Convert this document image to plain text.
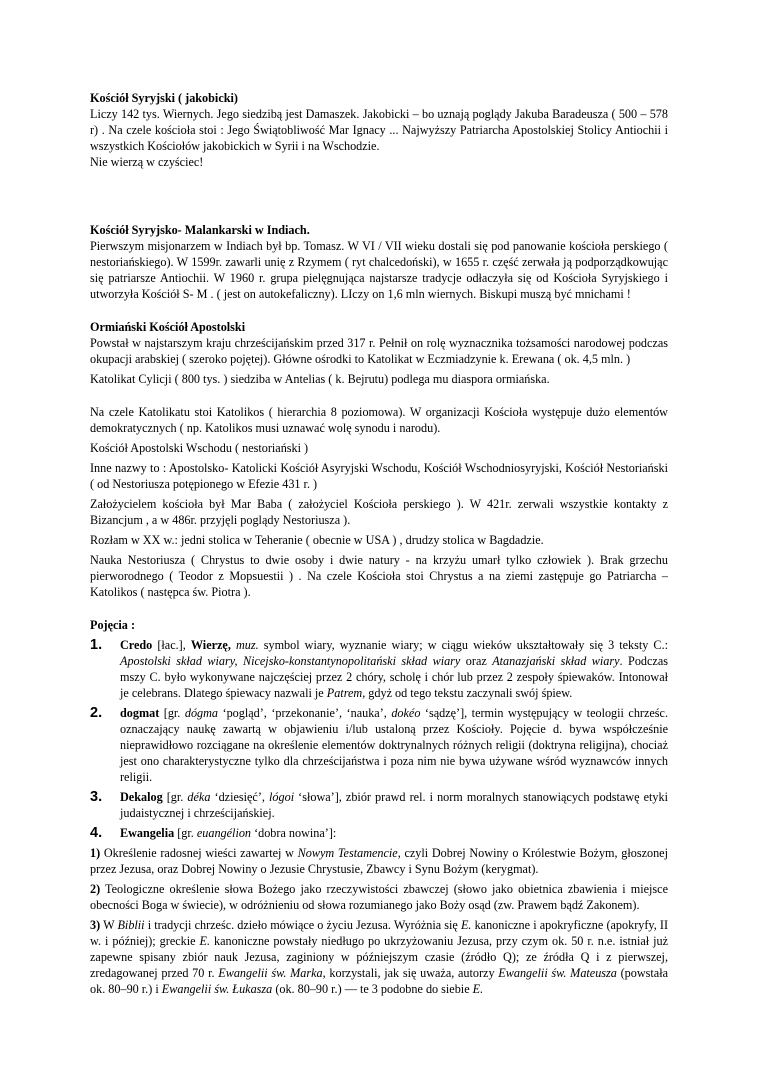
Kościół Syryjski ( jakobicki)

Liczy 142 tys. Wiernych. Jego siedzibą jest Damaszek. Jakobicki – bo uznają poglądy Jakuba Baradeusza ( 500 – 578 r) . Na czele kościoła stoi : Jego Świątobliwość Mar Ignacy ... Najwyższy Patriarcha Apostolskiej Stolicy Antiochii i wszystkich Kościołów jakobickich w Syrii i na Wschodzie.

Nie wierzą w czyściec!

Kościół Syryjsko- Malankarski w Indiach.

Pierwszym misjonarzem w Indiach był bp. Tomasz. W VI / VII wieku dostali się pod panowanie kościoła perskiego ( nestoriańskiego). W 1599r. zawarli unię z Rzymem ( ryt chalcedoński), w 1655 r. część zerwała ją podporządkowując się patriarsze Antiochii. W 1960 r. grupa pielęgnująca najstarsze tradycje odłaczyła się od Kościoła Syryjskiego i utworzyła Kościół S- M . ( jest on autokefaliczny). LIczy on 1,6 mln wiernych. Biskupi muszą być mnichami !

Ormiański Kościół Apostolski

Powstał w najstarszym kraju chrześcijańskim przed 317 r. Pełnił on rolę wyznacznika tożsamości narodowej podczas okupacji arabskiej ( szeroko pojętej). Główne ośrodki to Katolikat w Eczmiadzynie k. Erewana ( ok. 4,5 mln. )

Katolikat Cylicji ( 800 tys. ) siedziba w Antelias ( k. Bejrutu) podlega mu diaspora ormiańska.

Na czele Katolikatu stoi Katolikos ( hierarchia 8 poziomowa). W organizacji Kościoła występuje dużo elementów demokratycznych ( np. Katolikos musi uznawać wolę synodu i narodu).

Kościół Apostolski Wschodu ( nestoriański )

Inne nazwy to : Apostolsko- Katolicki Kościół Asyryjski Wschodu, Kościół Wschodniosyryjski, Kościół Nestoriański ( od Nestoriusza potępionego w Efezie 431 r. )

Założycielem kościoła był Mar Baba ( założyciel Kościoła perskiego ). W 421r. zerwali wszystkie kontakty z Bizancjum , a w 486r. przyjęli poglądy Nestoriusza ).

Rozłam w XX w.: jedni stolica w Teheranie ( obecnie w USA ) , drudzy stolica w Bagdadzie.

Nauka Nestoriusza ( Chrystus to dwie osoby i dwie natury - na krzyżu umarł tylko człowiek ). Brak grzechu pierworodnego ( Teodor z Mopsuestii ) . Na czele Kościoła stoi Chrystus a na ziemi zastępuje go Patriarcha – Katolikos ( następca św. Piotra ).

Pojęcia :

1. Credo [łac.], Wierzę, muz. symbol wiary, wyznanie wiary; w ciągu wieków ukształtowały się 3 teksty C.: Apostolski skład wiary, Nicejsko-konstantynopolitański skład wiary oraz Atanazjański skład wiary. Podczas mszy C. było wykonywane najczęściej przez 2 chóry, scholę i chór lub przez 2 zespoły śpiewaków. Intonował je celebrans. Dlatego śpiewacy nazwali je Patrem, gdyż od tego tekstu zaczynali swój śpiew.
2. dogmat [gr. dógma ‘pogląd’, ‘przekonanie’, ‘nauka’, dokéo ‘sądzę’], termin występujący w teologii chrześc. oznaczający naukę zawartą w objawieniu i/lub ustaloną przez Kościoły. Pojęcie d. bywa współcześnie nieprawidłowo rozciągane na określenie elementów doktrynalnych różnych religii (doktryna religijna), chociaż jest ono charakterystyczne tylko dla chrześcijaństwa i poza nim nie bywa używane wśród wyznawców innych religii.
3. Dekalog [gr. déka ‘dziesięć’, lógoi ‘słowa’], zbiór prawd rel. i norm moralnych stanowiących podstawę etyki judaistycznej i chrześcijańskiej.
4. Ewangelia [gr. euangélion ‘dobra nowina’]:

1) Określenie radosnej wieści zawartej w Nowym Testamencie, czyli Dobrej Nowiny o Królestwie Bożym, głoszonej przez Jezusa, oraz Dobrej Nowiny o Jezusie Chrystusie, Zbawcy i Synu Bożym (kerygmat).

2) Teologiczne określenie słowa Bożego jako rzeczywistości zbawczej (słowo jako obietnica zbawienia i miejsce obecności Boga w świecie), w odróżnieniu od słowa rozumianego jako Boży osąd (zw. Prawem bądź Zakonem).

3) W Biblii i tradycji chrześc. dzieło mówiące o życiu Jezusa. Wyróżnia się E. kanoniczne i apokryficzne (apokryfy, II w. i później); greckie E. kanoniczne powstały niedługo po ukrzyżowaniu Jezusa, przy czym ok. 50 r. n.e. istniał już zapewne spisany zbiór nauk Jezusa, zaginiony w późniejszym czasie (źródło Q); ze źródła Q i z pierwszej, zredagowanej przed 70 r. Ewangelii św. Marka, korzystali, jak się uważa, autorzy Ewangelii św. Mateusza (powstała ok. 80–90 r.) i Ewangelii św. Łukasza (ok. 80–90 r.) — te 3 podobne do siebie E.
